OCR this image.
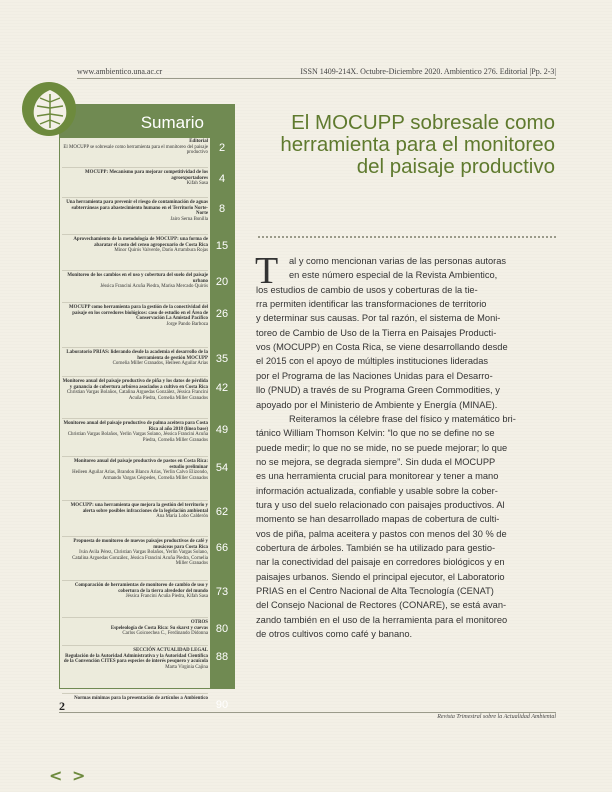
www.ambientico.una.ac.cr	ISSN 1409-214X. Octubre-Diciembre 2020. Ambientico 276. Editorial |Pp. 2-3|
Sumario
Editorial
El MOCUPP se sobresale como herramienta para el monitoreo del paisaje productivo 2
MOCUPP: Mecanismo para mejorar competitividad de los agroexportadores
Kifah Sasa 4
Una herramienta para prevenir el riesgo de contaminación de aguas subterráneas para abastecimiento humano en el Territorio Norte-Norte
Jairo Serna Bonilla
8
Aprovechamiento de la metodología de MOCUPP: una forma de abaratar el costo del censo agropecuario de Costa Rica
Minor Quirós Valverde, Darío Arrambura Rojas 15
Monitoreo de los cambios en el uso y cobertura del suelo del paisaje urbano
Jéssica Francini Acuña Piedra, Marisa Mercado Quirós 20
MOCUPP como herramienta para la gestión de la conectividad del paisaje en los corredores biológicos: caso de estudio en el Área de Conservación La Amistad Pacífico
Jorge Pando Barboza
26
Laboratorio PRIAS: liderando desde la academia el desarrollo de la herramienta de gestión MOCUPP
Cornelia Miller Granados, Heileen Aguilar Arias 35
Monitoreo anual del paisaje productivo de piña y los datos de pérdida y ganancia de cobertura arbórea asociados a cultivo en Costa Rica
Christian Vargas Bolaños, Catalina Arguedas González, Jéssica Francini Acuña Piedra, Cornelia Miller Granados
42
Monitoreo anual del paisaje productivo de palma aceitera para Costa Rica al año 2018 (línea base)
Christian Vargas Bolaños, Yerlin Vargas Solano, Jéssica Francini Acuña Piedra, Cornelia Miller Granados
49
Monitoreo anual del paisaje productivo de pastos en Costa Rica: estudio preliminar
Heileen Aguilar Arias, Brandon Blanco Arias, Yerlin Calvo Elizondo, Armando Vargas Céspedes, Cornelia Miller Granados
54
MOCUPP: una herramienta que mejora la gestión del territorio y alerta sobre posibles infracciones de la legislación ambiental
Ana María Lobo Calderón 62
Propuesta de monitoreo de nuevos paisajes productivos de café y musáceas para Costa Rica
Iván Avila Pérez, Christian Vargas Bolaños, Yerlin Vargas Solano, Catalina Arguedas González, Jéssica Francini Acuña Piedra, Cornelia Miller Granados
66
Comparación de herramientas de monitoreo de cambio de uso y cobertura de la tierra alrededor del mundo
Jéssica Francini Acuña Piedra, Kifah Sasa 73
OTROS
Espeleología de Costa Rica: Su skarst y cuevas
Carlos Goicoechea C., Ferdinando Didonna 80
SECCIÓN ACTUALIDAD LEGAL
Regulación de la Autoridad Administrativa y la Autoridad Científica de la Convención CITES para especies de interés pesquero y acuícola
Marta Virginia Cajina
88
Normas mínimas para la presentación de artículos a Ambientico
90
El MOCUPP sobresale como herramienta para el monitoreo del paisaje productivo
T al y como mencionan varias de las personas autoras
en este número especial de la Revista Ambientico,
los estudios de cambio de usos y coberturas de la tie-
rra permiten identificar las transformaciones de territorio
y determinar sus causas. Por tal razón, el sistema de Moni-
toreo de Cambio de Uso de la Tierra en Paisajes Producti-
vos (MOCUPP) en Costa Rica, se viene desarrollando desde
el 2015 con el apoyo de múltiples instituciones lideradas
por el Programa de las Naciones Unidas para el Desarro-
llo (PNUD) a través de su Programa Green Commodities, y
apoyado por el Ministerio de Ambiente y Energía (MINAE).
Reiteramos la célebre frase del físico y matemático bri-
tánico William Thomson Kelvin: “lo que no se define no se
puede medir; lo que no se mide, no se puede mejorar; lo que
no se mejora, se degrada siempre”. Sin duda el MOCUPP
es una herramienta crucial para monitorear y tener a mano
información actualizada, confiable y usable sobre la cober-
tura y uso del suelo relacionado con paisajes productivos. Al
momento se han desarrollado mapas de cobertura de culti-
vos de piña, palma aceitera y pastos con menos del 30 % de
cobertura de árboles. También se ha utilizado para gestio-
nar la conectividad del paisaje en corredores biológicos y en
paisajes urbanos. Siendo el principal ejecutor, el Laboratorio
PRIAS en el Centro Nacional de Alta Tecnología (CENAT)
del Consejo Nacional de Rectores (CONARE), se está avan-
zando también en el uso de la herramienta para el monitoreo
de otros cultivos como café y banano.
2
Revista Trimestral sobre la Actualidad Ambiental
< >
